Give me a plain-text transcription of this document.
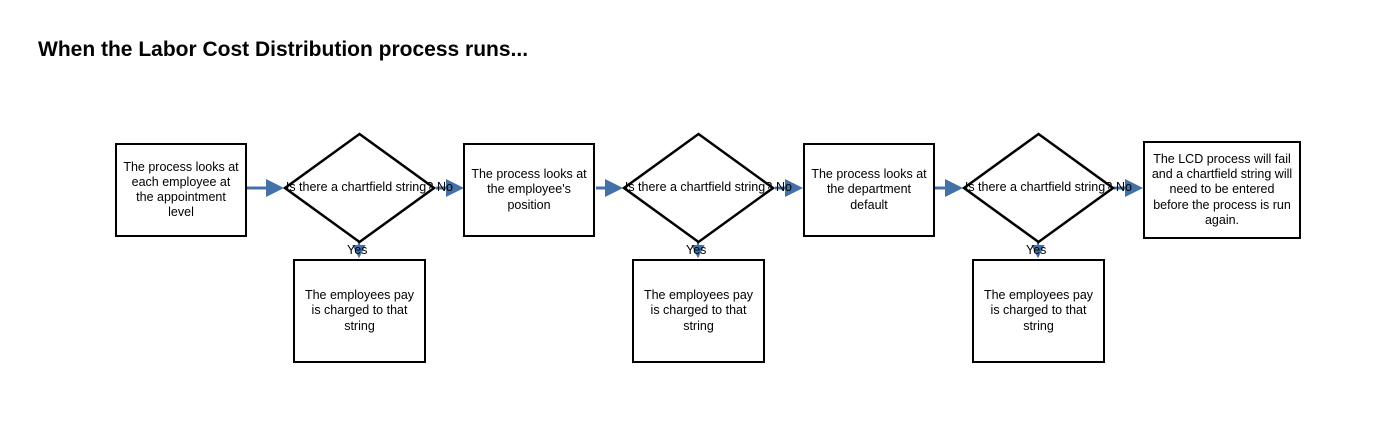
When the Labor Cost Distribution process runs...
The process looks at each employee at the appointment level
Is there a chartfield string? No
Yes
The employees pay is charged to that string
The process looks at the employee's position
Is there a chartfield string? No
Yes
The employees pay is charged to that string
The process looks at the department default
Is there a chartfield string? No
Yes
The employees pay is charged to that string
The LCD process will fail and a chartfield string will need to be entered before the process is run again.
